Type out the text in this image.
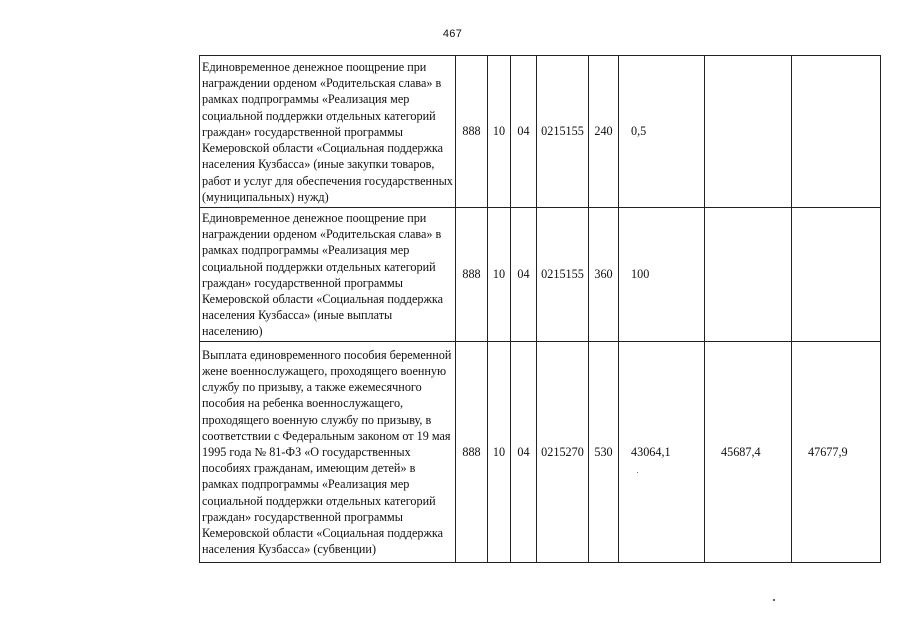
467
Единовременное денежное поощрение при награждении орденом «Родительская слава» в рамках подпрограммы «Реализация мер социальной поддержки отдельных категорий граждан» государственной программы Кемеровской области «Социальная поддержка населения Кузбасса» (иные закупки товаров, работ и услуг для обеспечения государственных (муниципальных) нужд)	888	10	04	0215155	240	0,5		
Единовременное денежное поощрение при награждении орденом «Родительская слава» в рамках подпрограммы «Реализация мер социальной поддержки отдельных категорий граждан» государственной программы Кемеровской области «Социальная поддержка населения Кузбасса» (иные выплаты населению)	888	10	04	0215155	360	100		
Выплата единовременного пособия беременной жене военнослужащего, проходящего военную службу по призыву, а также ежемесячного пособия на ребенка военнослужащего, проходящего военную службу по призыву, в соответствии с Федеральным законом от 19 мая 1995 года № 81-ФЗ «О государственных пособиях гражданам, имеющим детей» в рамках подпрограммы «Реализация мер социальной поддержки отдельных категорий граждан» государственной программы Кемеровской области «Социальная поддержка населения Кузбасса» (субвенции)	888	10	04	0215270	530	43064,1	45687,4	47677,9
